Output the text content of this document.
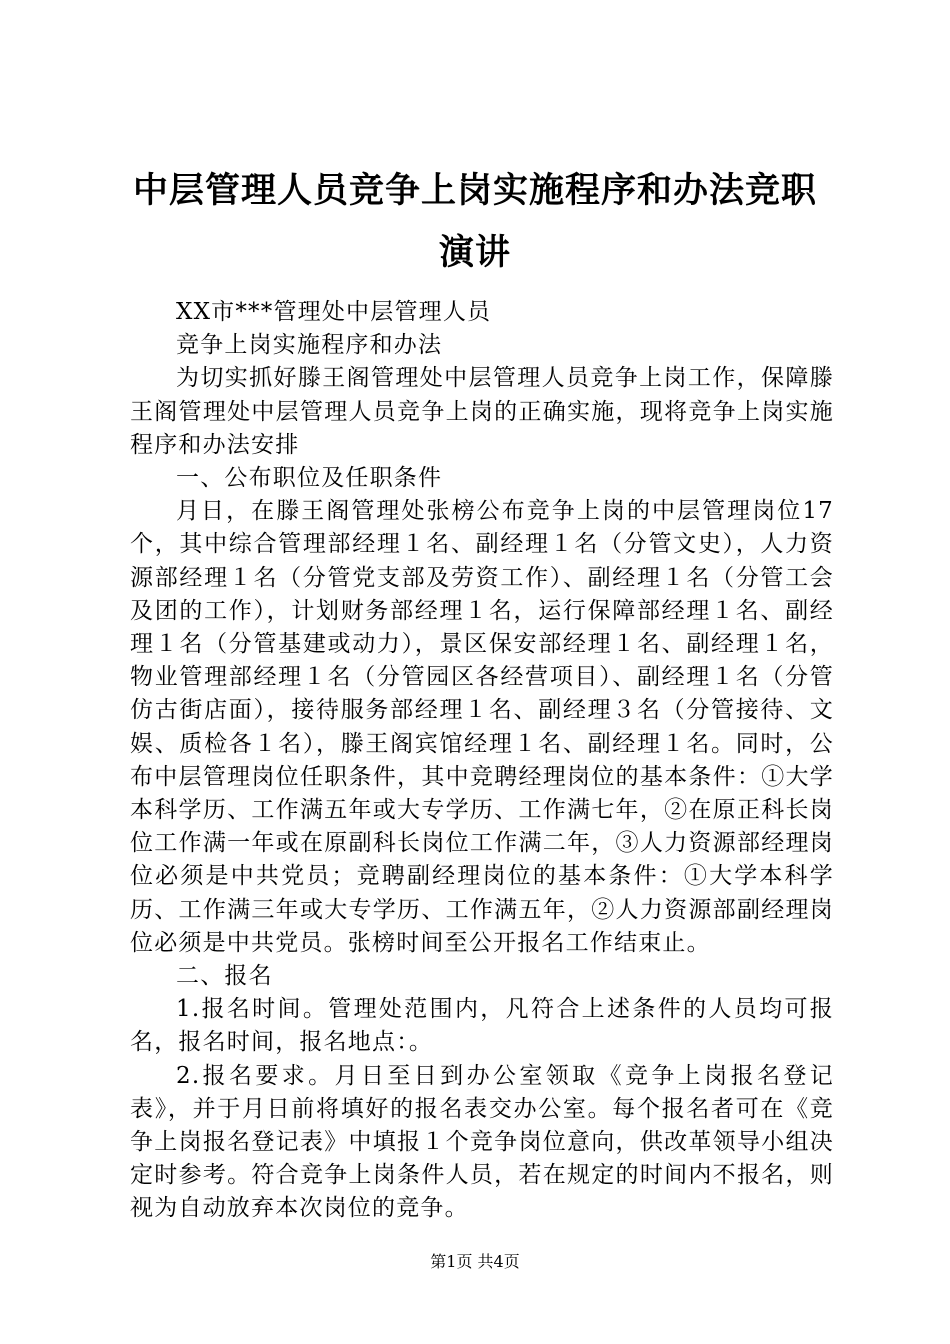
中层管理人员竞争上岗实施程序和办法竞职演讲

XX市***管理处中层管理人员

竞争上岗实施程序和办法

为切实抓好滕王阁管理处中层管理人员竞争上岗工作，保障滕王阁管理处中层管理人员竞争上岗的正确实施，现将竞争上岗实施程序和办法安排

一、公布职位及任职条件

月日，在滕王阁管理处张榜公布竞争上岗的中层管理岗位17个，其中综合管理部经理１名、副经理１名（分管文史），人力资源部经理１名（分管党支部及劳资工作）、副经理１名（分管工会及团的工作），计划财务部经理１名，运行保障部经理１名、副经理１名（分管基建或动力），景区保安部经理１名、副经理１名，物业管理部经理１名（分管园区各经营项目）、副经理１名（分管仿古街店面），接待服务部经理１名、副经理３名（分管接待、文娱、质检各１名），滕王阁宾馆经理１名、副经理１名。同时，公布中层管理岗位任职条件，其中竞聘经理岗位的基本条件：①大学本科学历、工作满五年或大专学历、工作满七年，②在原正科长岗位工作满一年或在原副科长岗位工作满二年，③人力资源部经理岗位必须是中共党员；竞聘副经理岗位的基本条件：①大学本科学历、工作满三年或大专学历、工作满五年，②人力资源部副经理岗位必须是中共党员。张榜时间至公开报名工作结束止。

二、报名

1.报名时间。管理处范围内，凡符合上述条件的人员均可报名，报名时间，报名地点：。

2.报名要求。月日至日到办公室领取《竞争上岗报名登记表》，并于月日前将填好的报名表交办公室。每个报名者可在《竞争上岗报名登记表》中填报１个竞争岗位意向，供改革领导小组决定时参考。符合竞争上岗条件人员，若在规定的时间内不报名，则视为自动放弃本次岗位的竞争。

第1页 共4页
